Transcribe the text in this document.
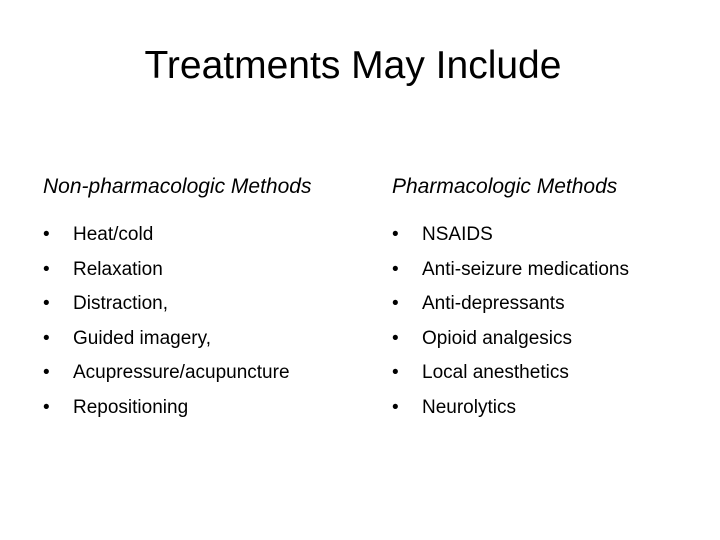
Treatments May Include
Non-pharmacologic Methods
•	Heat/cold
•	Relaxation
•	Distraction,
•	Guided imagery,
•	Acupressure/acupuncture
•	Repositioning
Pharmacologic Methods
•	NSAIDS
•	Anti-seizure medications
•	Anti-depressants
•	Opioid analgesics
•	Local anesthetics
•	Neurolytics
